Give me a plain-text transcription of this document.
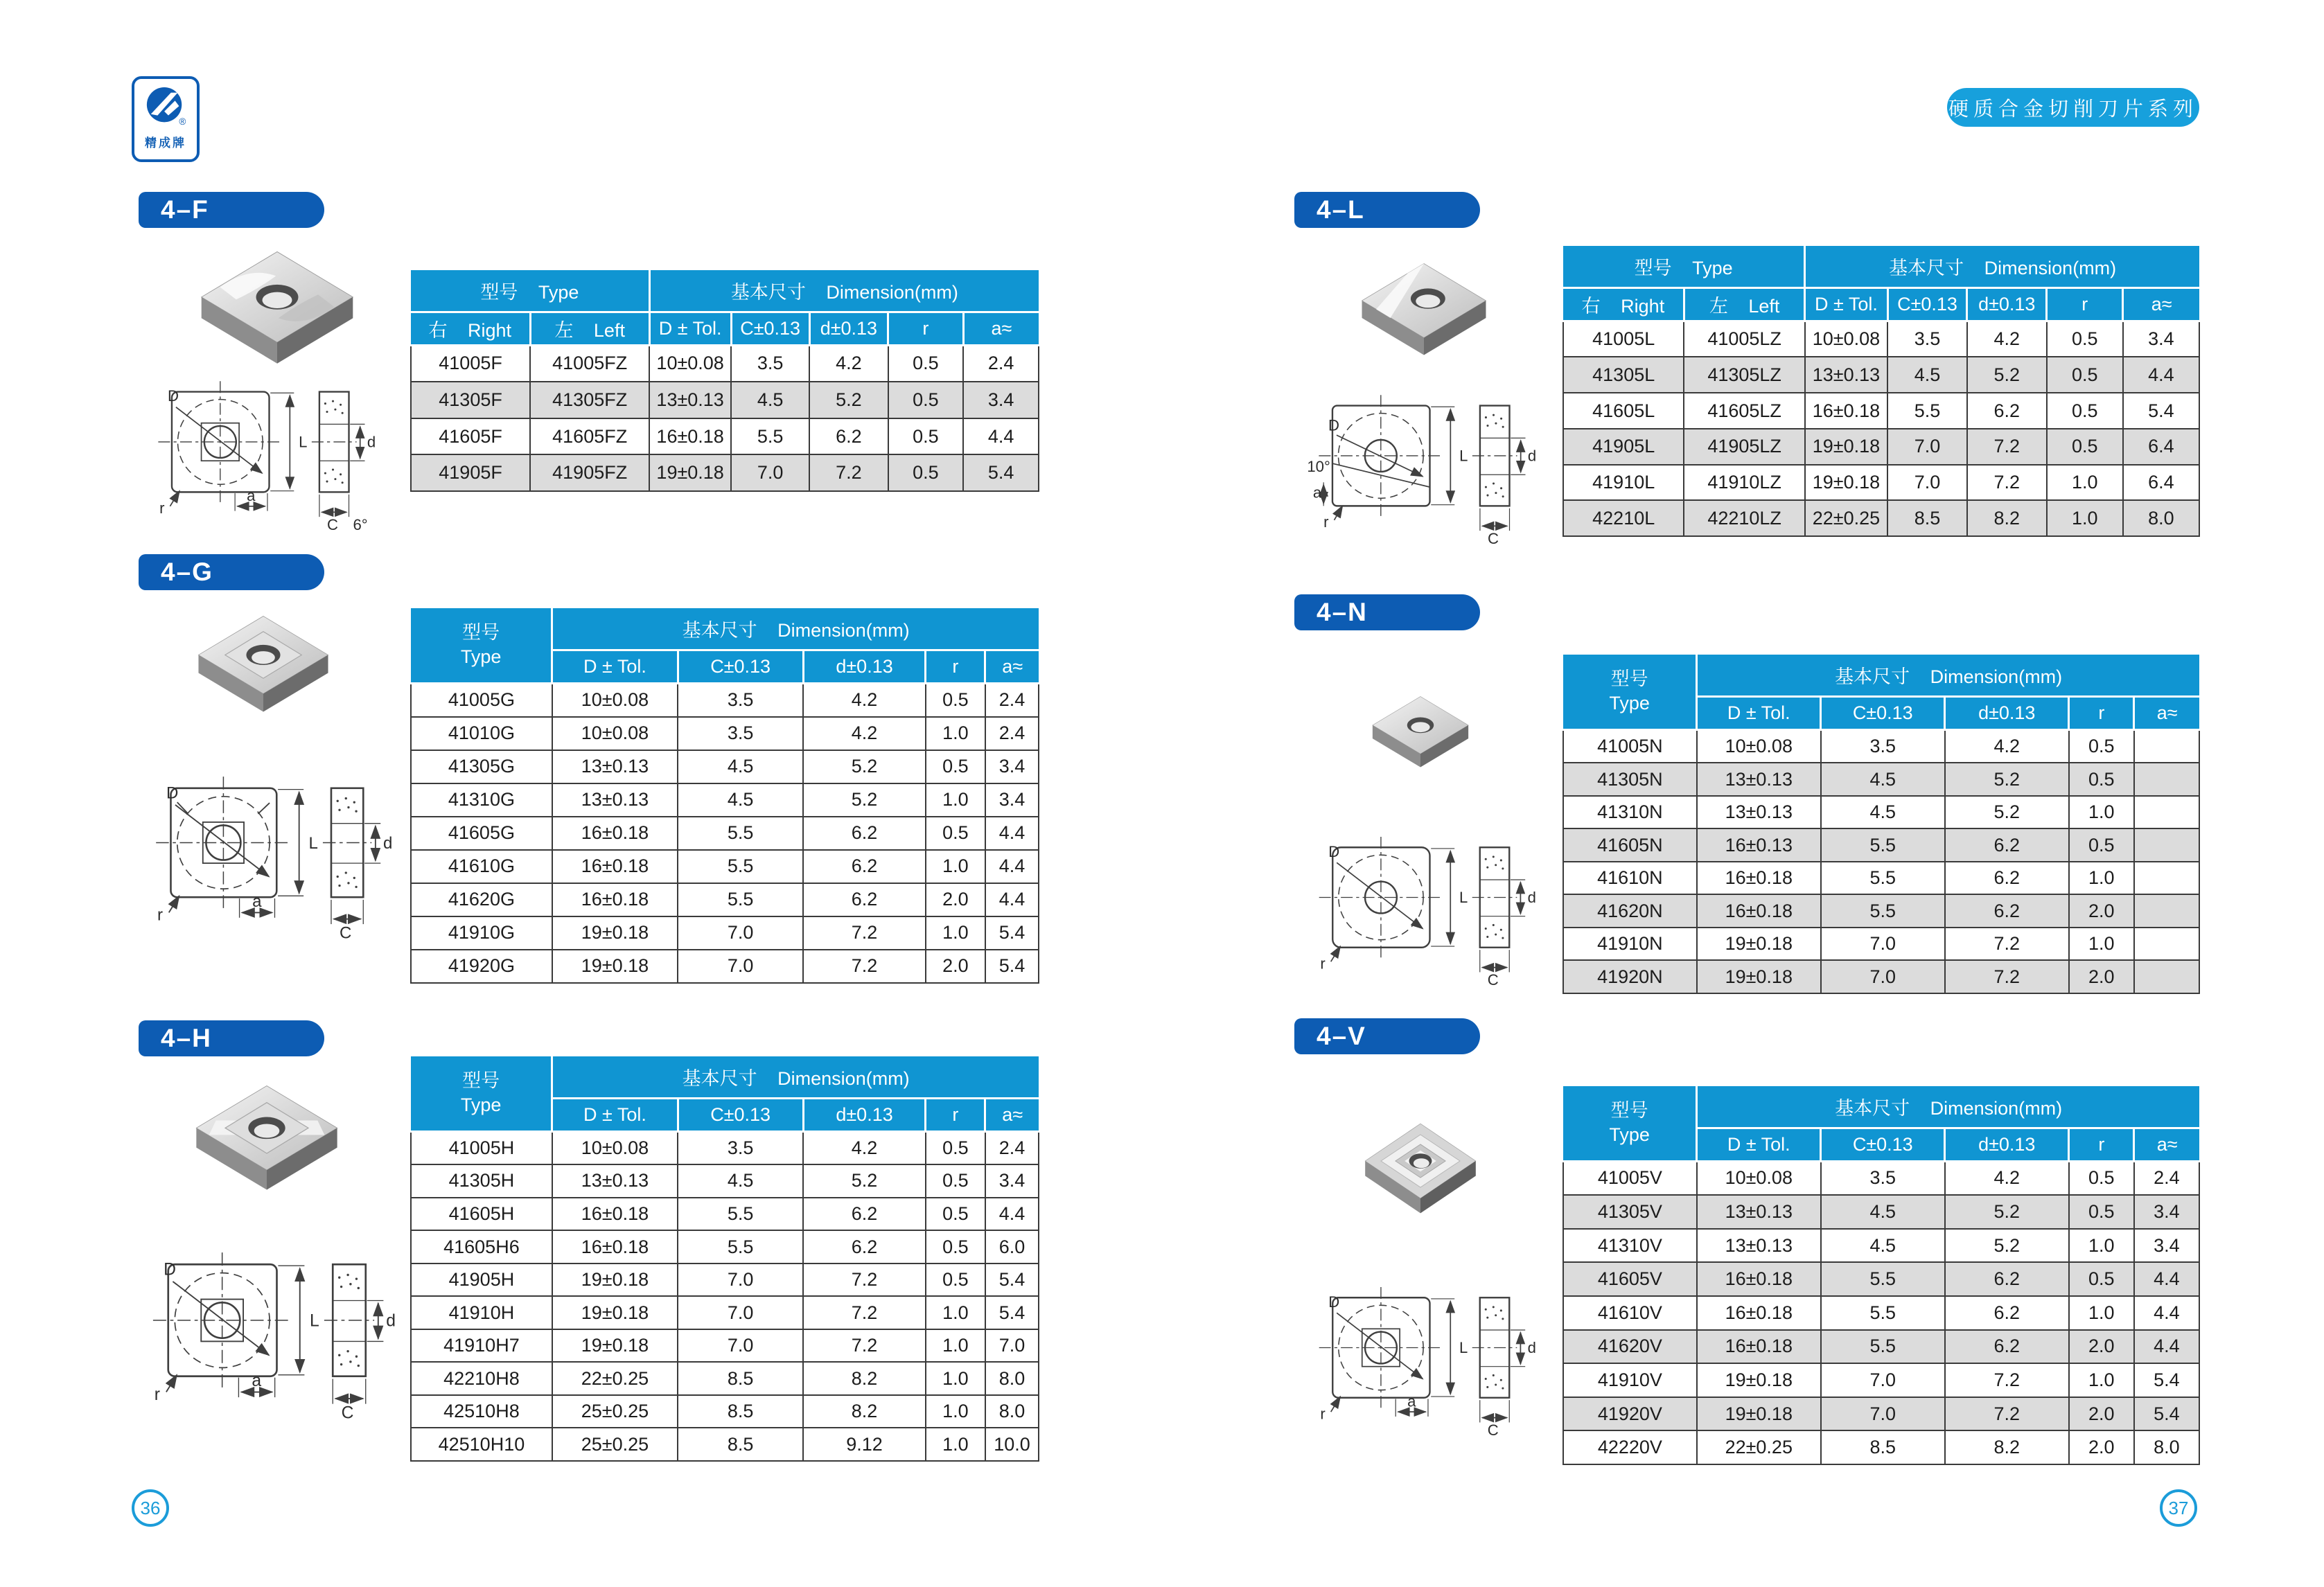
®
精成牌
硬质合金切削刀片系列
4–F
D
L
a
r
d
C 6°
型号 Type		基本尺寸 Dimension(mm)				
右 Right	左 Left	D ± Tol.	C±0.13	d±0.13	r	a≈
41005F	41005FZ	10±0.08	3.5	4.2	0.5	2.4
41305F	41305FZ	13±0.13	4.5	5.2	0.5	3.4
41605F	41605FZ	16±0.18	5.5	6.2	0.5	4.4
41905F	41905FZ	19±0.18	7.0	7.2	0.5	5.4
4–G
D
L
a
r
d
C
型号
Type	基本尺寸 Dimension(mm)				
	D ± Tol.	C±0.13	d±0.13	r	a≈
41005G	10±0.08	3.5	4.2	0.5	2.4
41010G	10±0.08	3.5	4.2	1.0	2.4
41305G	13±0.13	4.5	5.2	0.5	3.4
41310G	13±0.13	4.5	5.2	1.0	3.4
41605G	16±0.18	5.5	6.2	0.5	4.4
41610G	16±0.18	5.5	6.2	1.0	4.4
41620G	16±0.18	5.5	6.2	2.0	4.4
41910G	19±0.18	7.0	7.2	1.0	5.4
41920G	19±0.18	7.0	7.2	2.0	5.4
4–H
D
L
a
r
d
C
型号
Type	基本尺寸 Dimension(mm)				
	D ± Tol.	C±0.13	d±0.13	r	a≈
41005H	10±0.08	3.5	4.2	0.5	2.4
41305H	13±0.13	4.5	5.2	0.5	3.4
41605H	16±0.18	5.5	6.2	0.5	4.4
41605H6	16±0.18	5.5	6.2	0.5	6.0
41905H	19±0.18	7.0	7.2	0.5	5.4
41910H	19±0.18	7.0	7.2	1.0	5.4
41910H7	19±0.18	7.0	7.2	1.0	7.0
42210H8	22±0.25	8.5	8.2	1.0	8.0
42510H8	25±0.25	8.5	8.2	1.0	8.0
42510H10	25±0.25	8.5	9.12	1.0	10.0
4–L
D
10°
L
a
r
d
C
型号 Type		基本尺寸 Dimension(mm)				
右 Right	左 Left	D ± Tol.	C±0.13	d±0.13	r	a≈
41005L	41005LZ	10±0.08	3.5	4.2	0.5	3.4
41305L	41305LZ	13±0.13	4.5	5.2	0.5	4.4
41605L	41605LZ	16±0.18	5.5	6.2	0.5	5.4
41905L	41905LZ	19±0.18	7.0	7.2	0.5	6.4
41910L	41910LZ	19±0.18	7.0	7.2	1.0	6.4
42210L	42210LZ	22±0.25	8.5	8.2	1.0	8.0
4–N
D
L
r
d
C
型号
Type	基本尺寸 Dimension(mm)				
	D ± Tol.	C±0.13	d±0.13	r	a≈
41005N	10±0.08	3.5	4.2	0.5	
41305N	13±0.13	4.5	5.2	0.5	
41310N	13±0.13	4.5	5.2	1.0	
41605N	16±0.13	5.5	6.2	0.5	
41610N	16±0.18	5.5	6.2	1.0	
41620N	16±0.18	5.5	6.2	2.0	
41910N	19±0.18	7.0	7.2	1.0	
41920N	19±0.18	7.0	7.2	2.0	
4–V
D
L
a
r
d
C
型号
Type	基本尺寸 Dimension(mm)				
	D ± Tol.	C±0.13	d±0.13	r	a≈
41005V	10±0.08	3.5	4.2	0.5	2.4
41305V	13±0.13	4.5	5.2	0.5	3.4
41310V	13±0.13	4.5	5.2	1.0	3.4
41605V	16±0.18	5.5	6.2	0.5	4.4
41610V	16±0.18	5.5	6.2	1.0	4.4
41620V	16±0.18	5.5	6.2	2.0	4.4
41910V	19±0.18	7.0	7.2	1.0	5.4
41920V	19±0.18	7.0	7.2	2.0	5.4
42220V	22±0.25	8.5	8.2	2.0	8.0
36	37
